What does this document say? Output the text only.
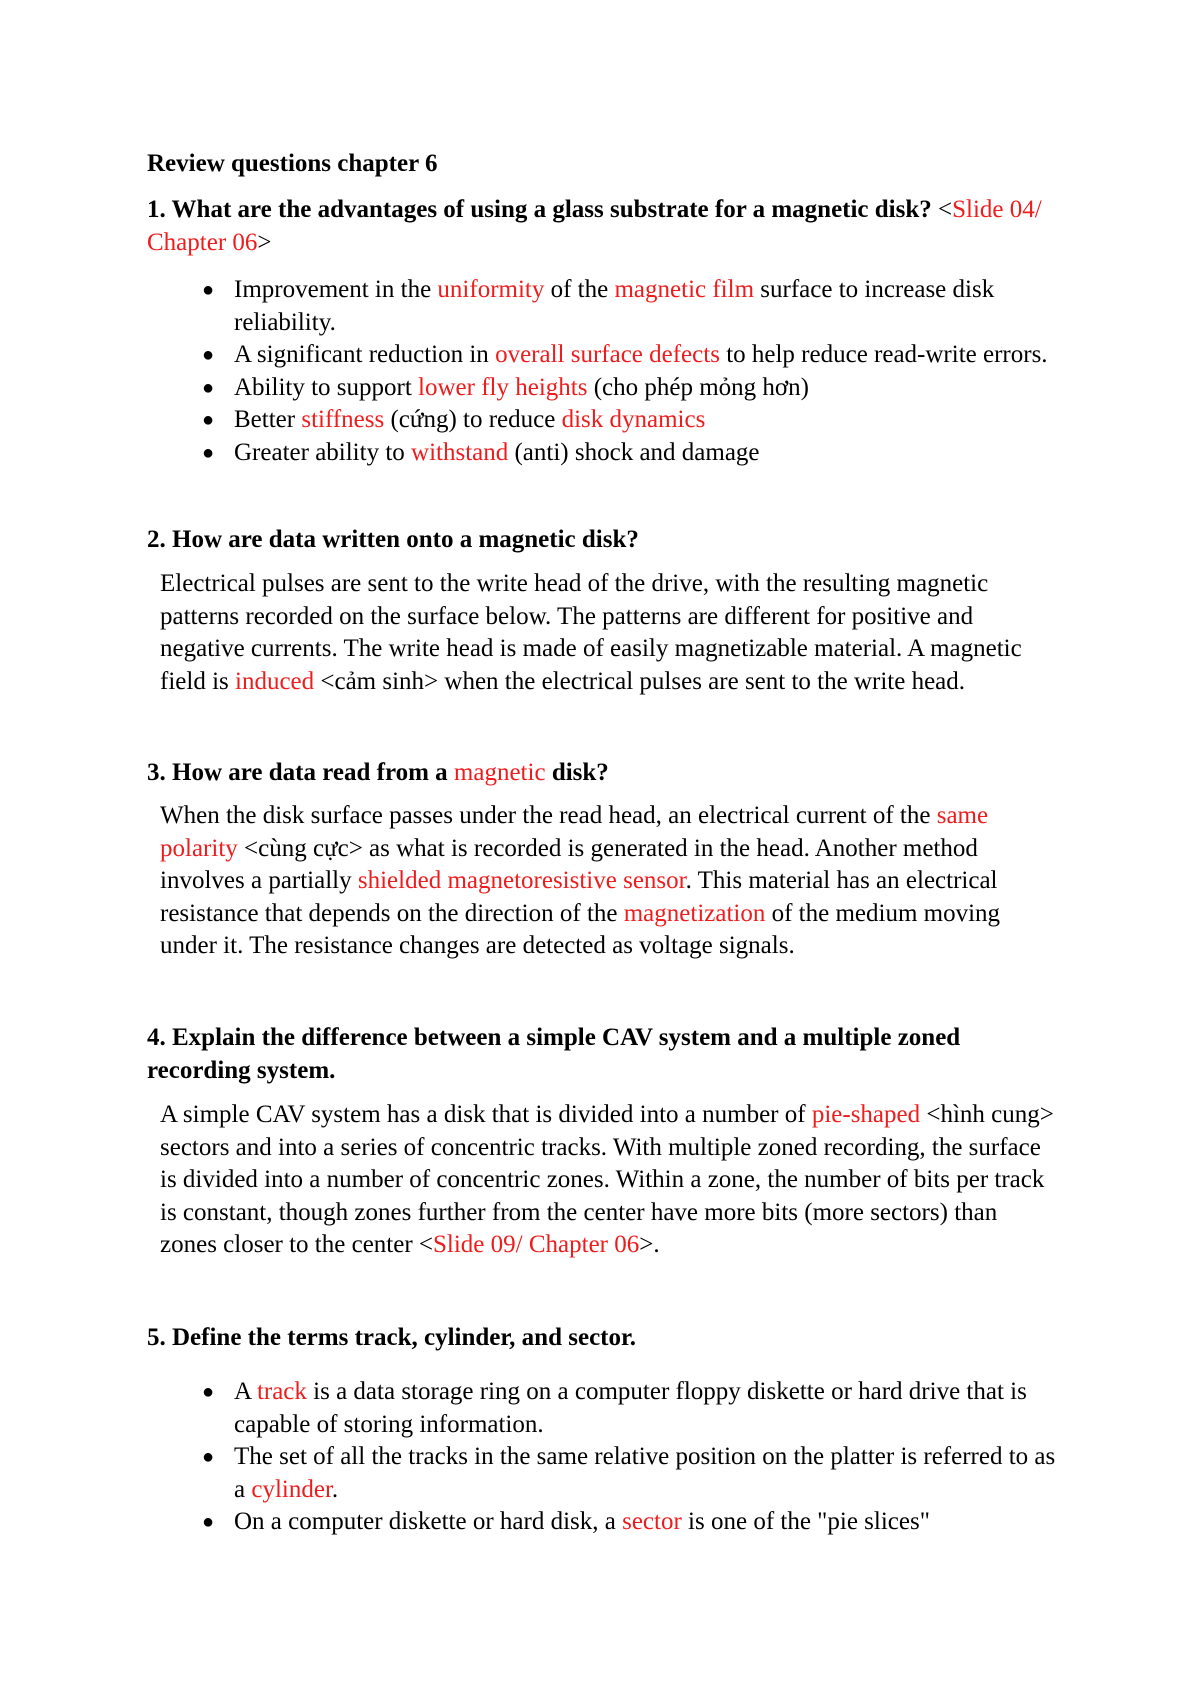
Review questions chapter 6
1. What are the advantages of using a glass substrate for a magnetic disk? <Slide 04/ Chapter 06>
● Improvement in the uniformity of the magnetic film surface to increase disk reliability.
● A significant reduction in overall surface defects to help reduce read-write errors.
● Ability to support lower fly heights (cho phép mỏng hơn)
● Better stiffness (cứng) to reduce disk dynamics
● Greater ability to withstand (anti) shock and damage
2. How are data written onto a magnetic disk?
Electrical pulses are sent to the write head of the drive, with the resulting magnetic patterns recorded on the surface below. The patterns are different for positive and negative currents. The write head is made of easily magnetizable material. A magnetic field is induced <cảm sinh> when the electrical pulses are sent to the write head.
3. How are data read from a magnetic disk?
When the disk surface passes under the read head, an electrical current of the same polarity <cùng cực> as what is recorded is generated in the head. Another method involves a partially shielded magnetoresistive sensor. This material has an electrical resistance that depends on the direction of the magnetization of the medium moving under it. The resistance changes are detected as voltage signals.
4. Explain the difference between a simple CAV system and a multiple zoned recording system.
A simple CAV system has a disk that is divided into a number of pie-shaped <hình cung> sectors and into a series of concentric tracks. With multiple zoned recording, the surface is divided into a number of concentric zones. Within a zone, the number of bits per track is constant, though zones further from the center have more bits (more sectors) than zones closer to the center <Slide 09/ Chapter 06>.
5. Define the terms track, cylinder, and sector.
● A track is a data storage ring on a computer floppy diskette or hard drive that is capable of storing information.
● The set of all the tracks in the same relative position on the platter is referred to as a cylinder.
● On a computer diskette or hard disk, a sector is one of the "pie slices"
